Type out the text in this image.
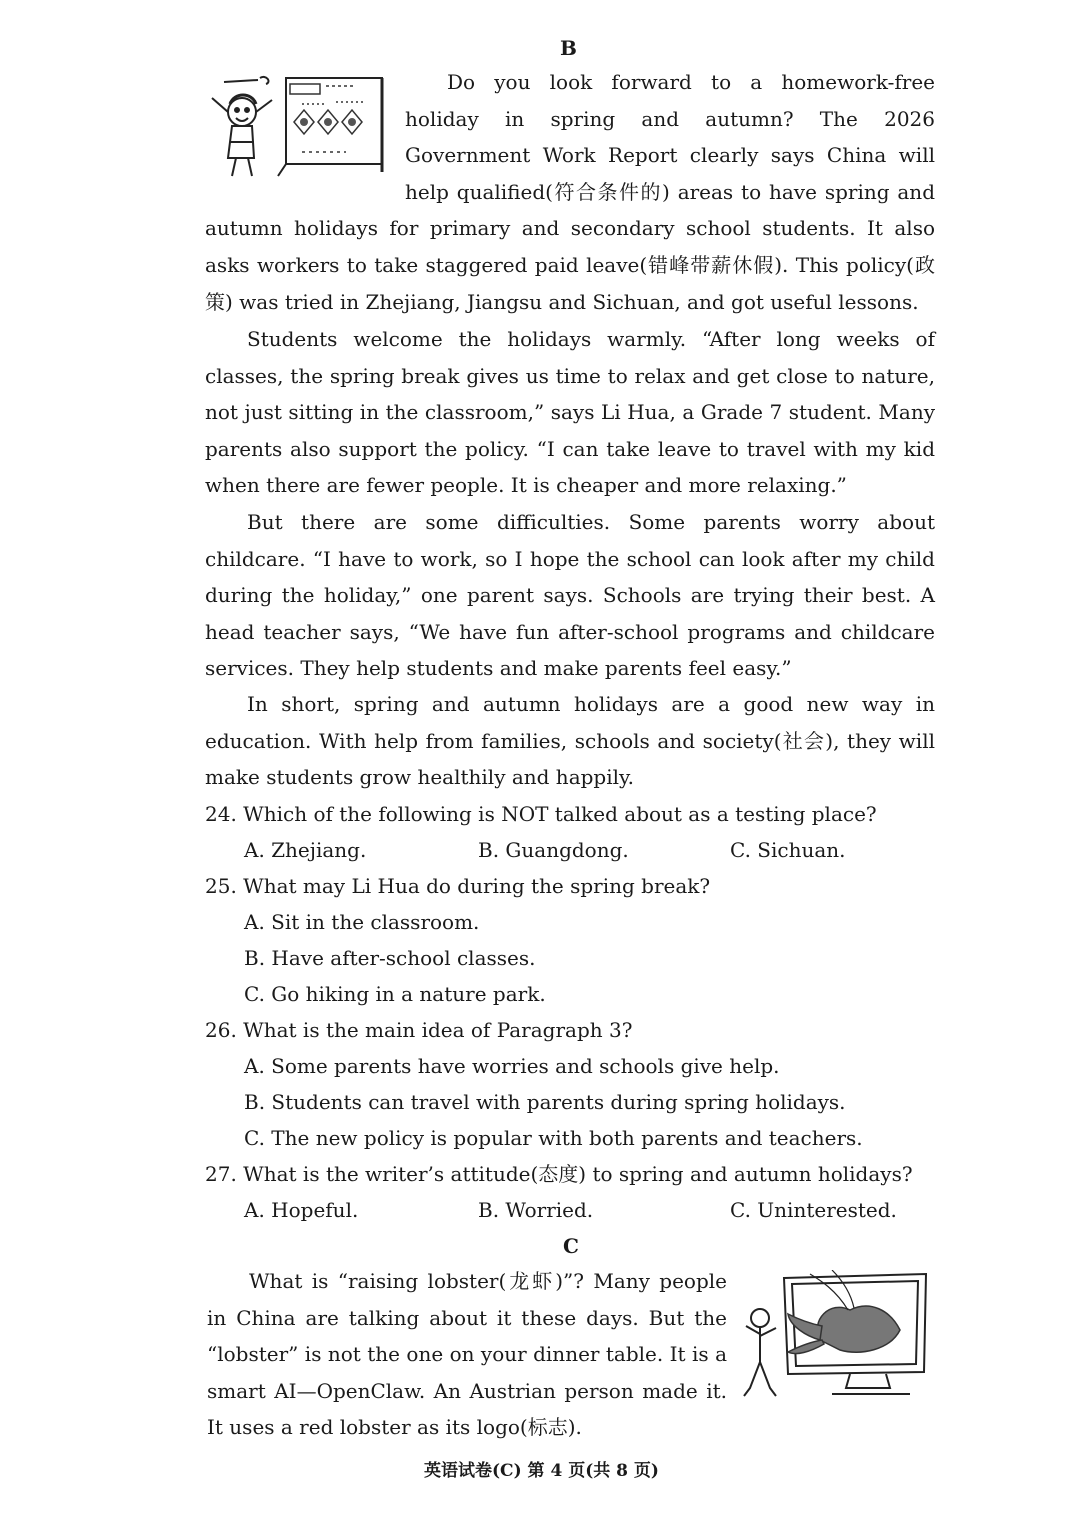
B

Do you look forward to a homework-free holiday in spring and autumn? The 2026 Government Work Report clearly says China will help qualified(符合条件的) areas to have spring and autumn holidays for primary and secondary school students. It also asks workers to take staggered paid leave(错峰带薪休假). This policy(政策) was tried in Zhejiang, Jiangsu and Sichuan, and got useful lessons.

Students welcome the holidays warmly. “After long weeks of classes, the spring break gives us time to relax and get close to nature, not just sitting in the classroom,” says Li Hua, a Grade 7 student. Many parents also support the policy. “I can take leave to travel with my kid when there are fewer people. It is cheaper and more relaxing.”

But there are some difficulties. Some parents worry about childcare. “I have to work, so I hope the school can look after my child during the holiday,” one parent says. Schools are trying their best. A head teacher says, “We have fun after-school programs and childcare services. They help students and make parents feel easy.”

In short, spring and autumn holidays are a good new way in education. With help from families, schools and society(社会), they will make students grow healthily and happily.

24. Which of the following is NOT talked about as a testing place?
A. Zhejiang.	B. Guangdong.	C. Sichuan.
25. What may Li Hua do during the spring break?
A. Sit in the classroom.
B. Have after-school classes.
C. Go hiking in a nature park.
26. What is the main idea of Paragraph 3?
A. Some parents have worries and schools give help.
B. Students can travel with parents during spring holidays.
C. The new policy is popular with both parents and teachers.
27. What is the writer’s attitude(态度) to spring and autumn holidays?
A. Hopeful.	B. Worried.	C. Uninterested.
C

What is “raising lobster(龙虾)”? Many people in China are talking about it these days. But the “lobster” is not the one on your dinner table. It is a smart AI—OpenClaw. An Austrian person made it. It uses a red lobster as its logo(标志).

英语试卷(C) 第 4 页(共 8 页)
